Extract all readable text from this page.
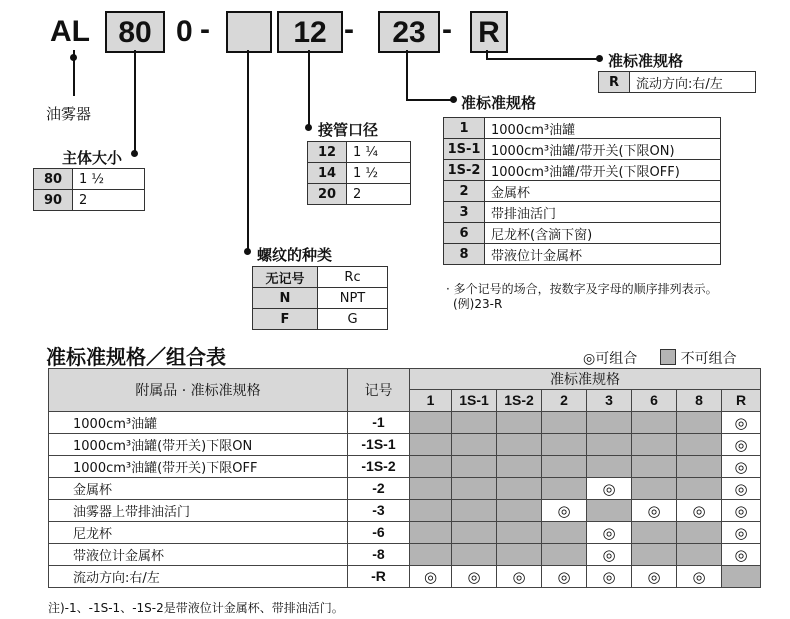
AL 80 0 -	12 -	23 - R
油雾器
主体大小
80	1 ½
90	2
螺纹的种类
无记号	Rc
N	NPT
F	G
接管口径
12	1 ¼
14	1 ½
20	2
准标准规格
1	1000cm³油罐
1S-1	1000cm³油罐/带开关(下限ON)
1S-2	1000cm³油罐/带开关(下限OFF)
2	金属杯
3	带排油活门
6	尼龙杯(含滴下窗)
8	带液位计金属杯
· 多个记号的场合，按数字及字母的顺序排列表示。
(例)23-R
准标准规格
R	流动方向:右/左
准标准规格／组合表	◎可组合	不可组合
附属品 · 准标准规格	记号	准标准规格							
		1	1S-1	1S-2	2	3	6	8	R
1000cm³油罐	-1								◎
1000cm³油罐(带开关)下限ON	-1S-1								◎
1000cm³油罐(带开关)下限OFF	-1S-2								◎
金属杯	-2					◎			◎
油雾器上带排油活门	-3				◎		◎	◎	◎
尼龙杯	-6					◎			◎
带液位计金属杯	-8					◎			◎
流动方向:右/左	-R	◎	◎	◎	◎	◎	◎	◎	
注)-1、-1S-1、-1S-2是带液位计金属杯、带排油活门。
